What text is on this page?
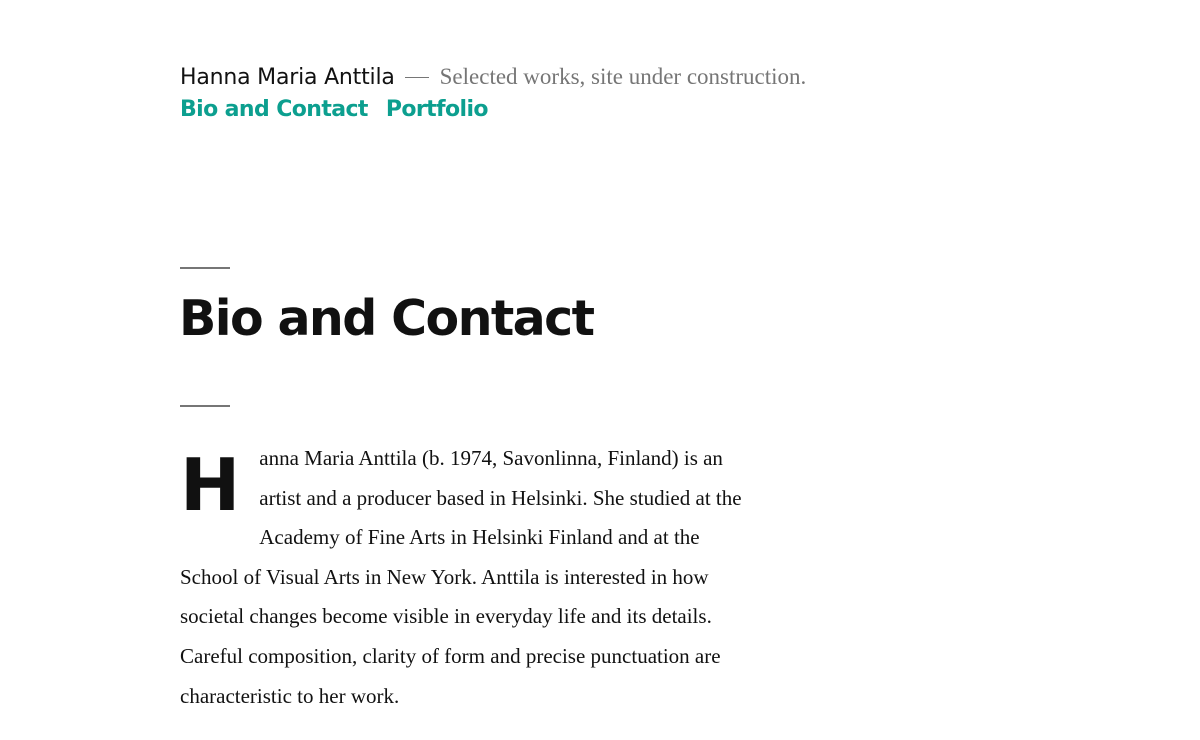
Hanna Maria Anttila Selected works, site under construction.
Bio and Contact Portfolio
Bio and Contact

Hanna Maria Anttila (b. 1974, Savonlinna, Finland) is an artist and a producer based in Helsinki. She studied at the Academy of Fine Arts in Helsinki Finland and at the School of Visual Arts in New York. Anttila is interested in how societal changes become visible in everyday life and its details. Careful composition, clarity of form and precise punctuation are characteristic to her work.
